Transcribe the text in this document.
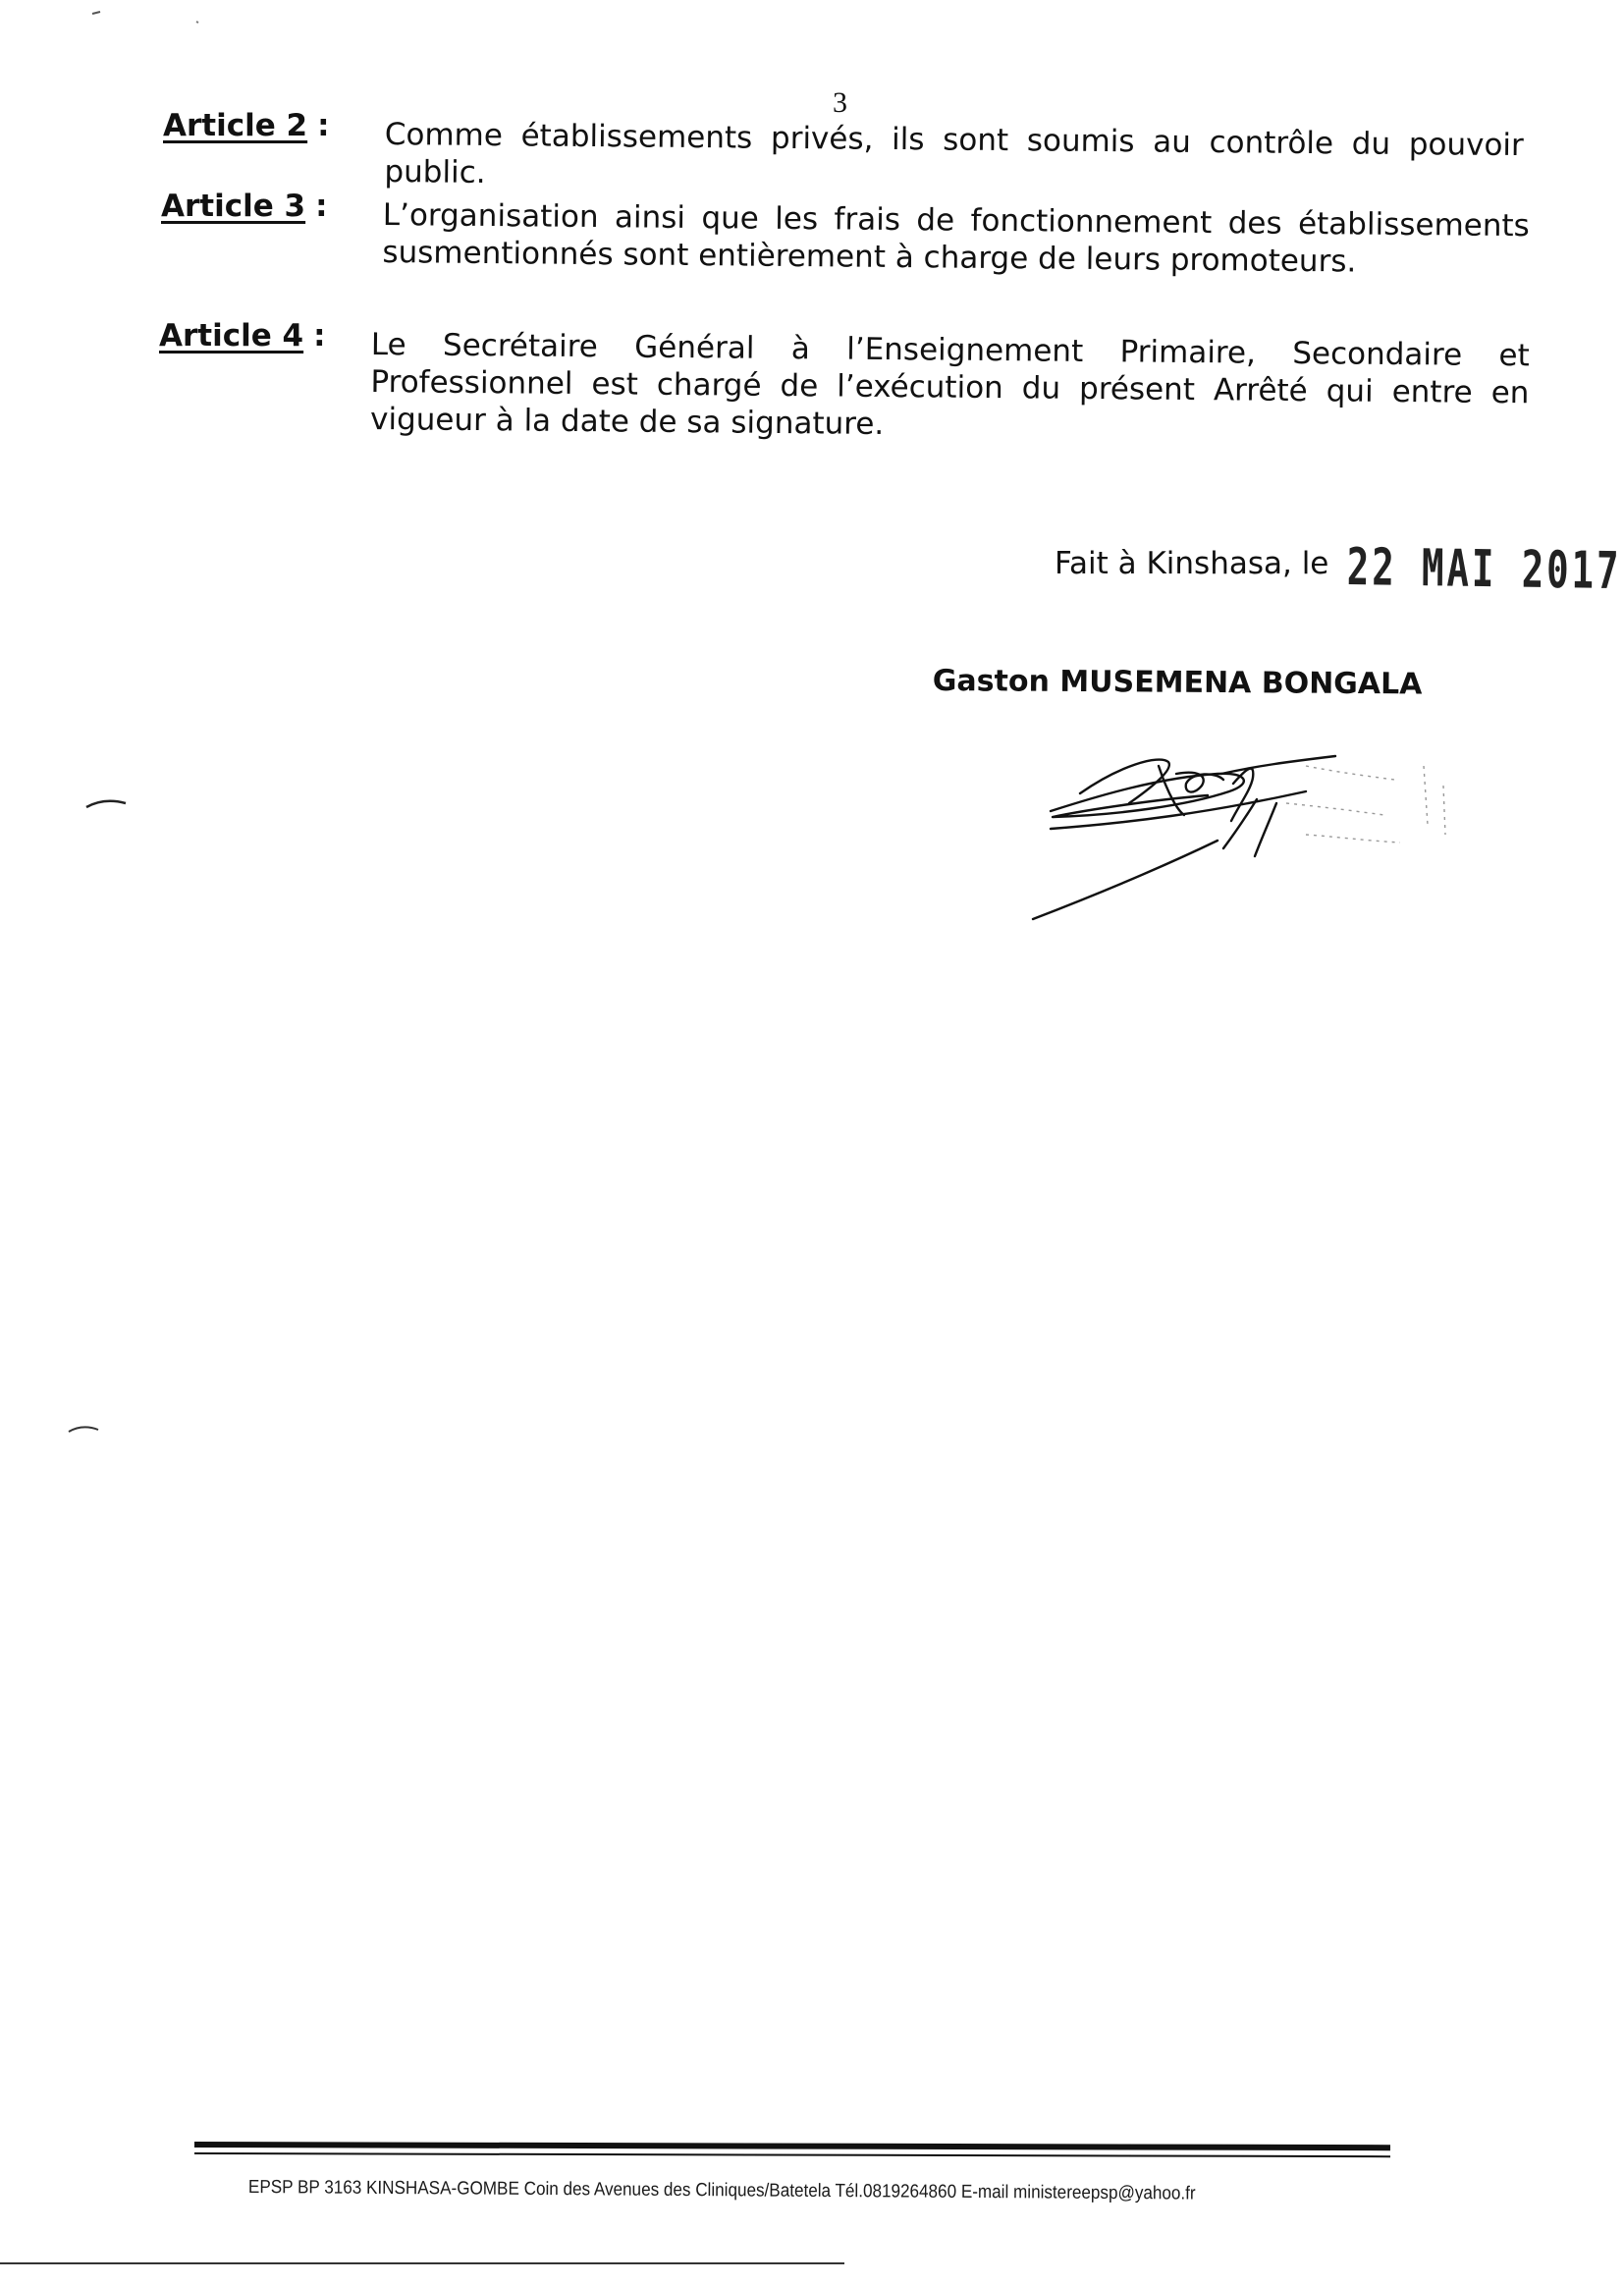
3
Article 2 : Comme établissements privés, ils sont soumis au contrôle du pouvoir public.
Article 3 : L’organisation ainsi que les frais de fonctionnement des établissements susmentionnés sont entièrement à charge de leurs promoteurs.
Article 4 : Le Secrétaire Général à l’Enseignement Primaire, Secondaire et Professionnel est chargé de l’exécution du présent Arrêté qui entre en vigueur à la date de sa signature.
Fait à Kinshasa, le 22 MAI 2017
Gaston MUSEMENA BONGALA
EPSP BP 3163 KINSHASA-GOMBE Coin des Avenues des Cliniques/Batetela Tél.0819264860 E-mail ministereepsp@yahoo.fr
